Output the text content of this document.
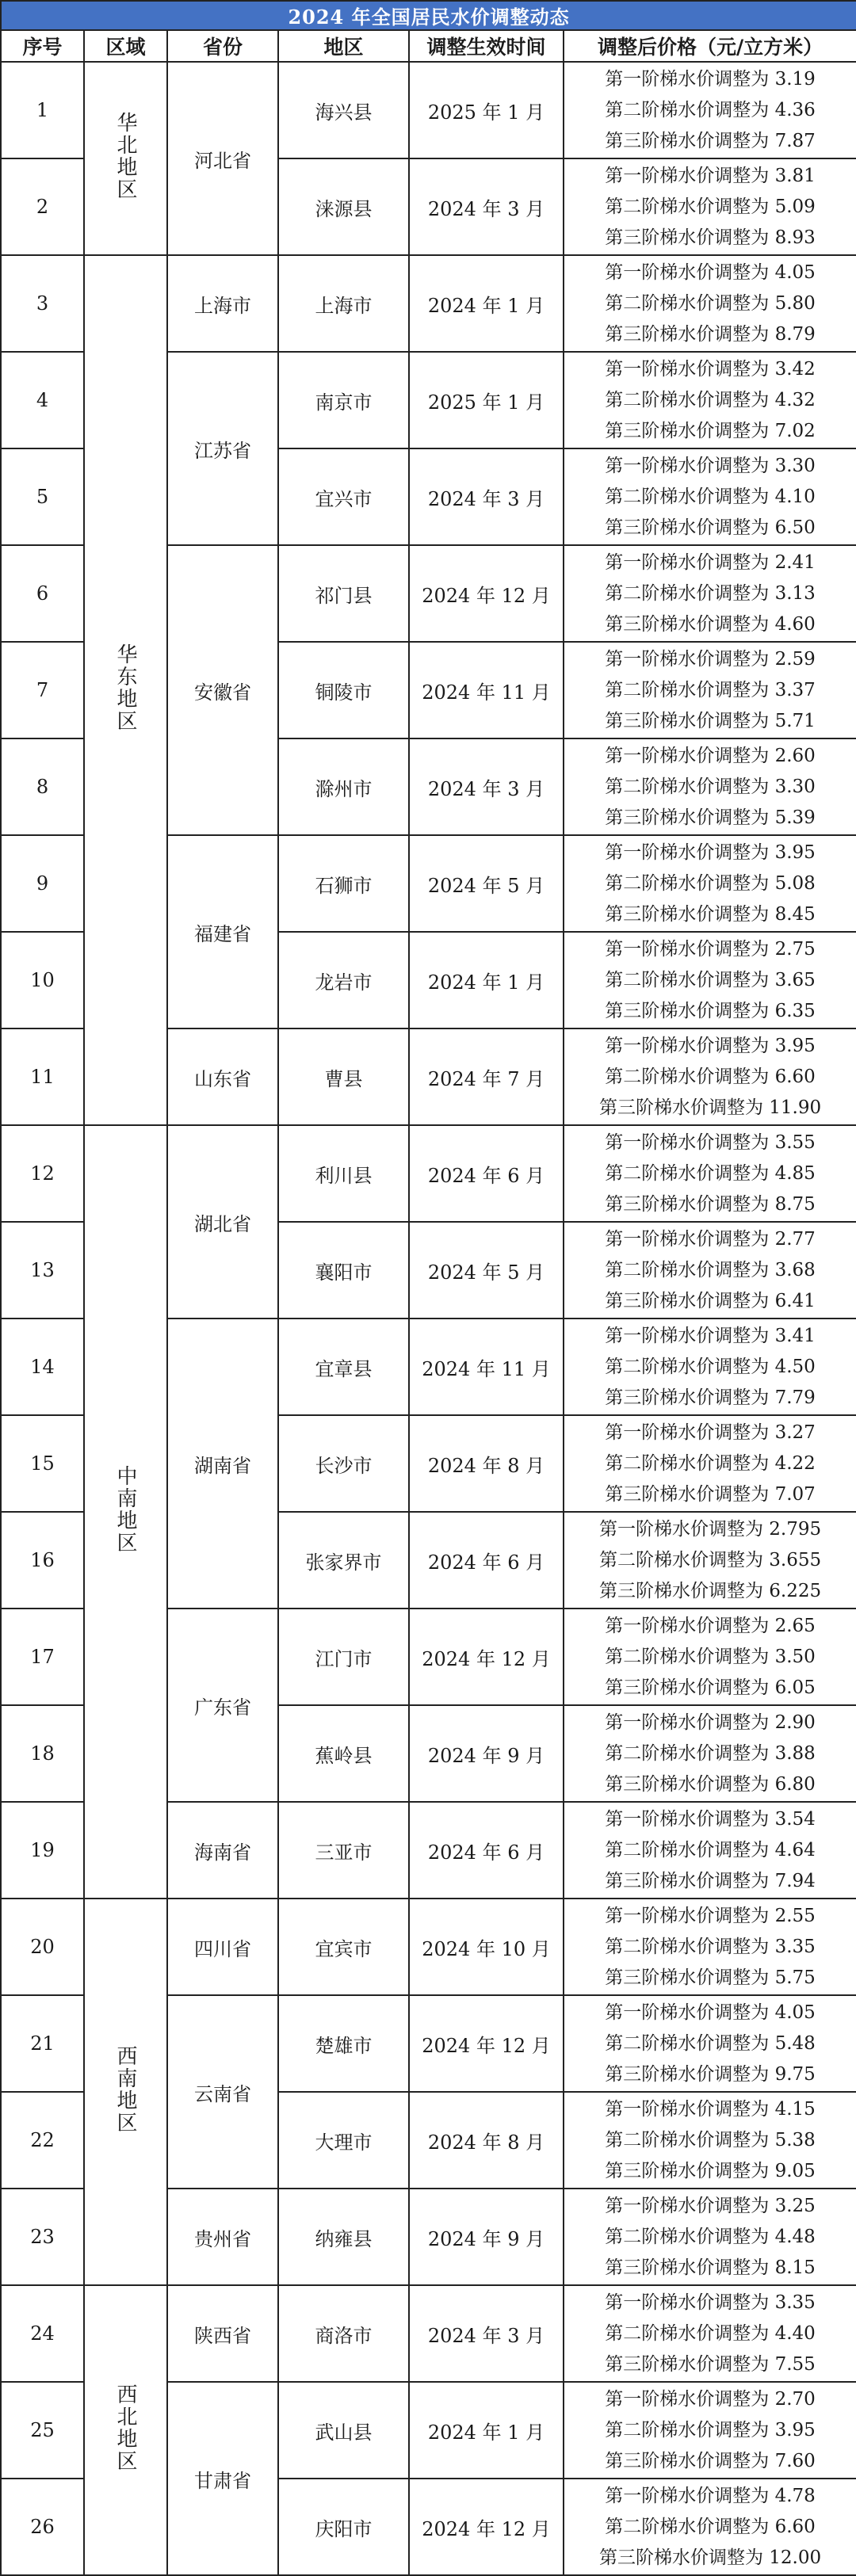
2024 年全国居民水价调整动态					
序号	区域	省份	地区	调整生效时间	调整后价格（元/立方米）
1	华北地区	河北省	海兴县	2025 年 1 月	第一阶梯水价调整为 3.19
第二阶梯水价调整为 4.36
第三阶梯水价调整为 7.87

2			涞源县	2024 年 3 月	第一阶梯水价调整为 3.81
第二阶梯水价调整为 5.09
第三阶梯水价调整为 8.93

3	华东地区	上海市	上海市	2024 年 1 月	第一阶梯水价调整为 4.05
第二阶梯水价调整为 5.80
第三阶梯水价调整为 8.79

4		江苏省	南京市	2025 年 1 月	第一阶梯水价调整为 3.42
第二阶梯水价调整为 4.32
第三阶梯水价调整为 7.02

5			宜兴市	2024 年 3 月	第一阶梯水价调整为 3.30
第二阶梯水价调整为 4.10
第三阶梯水价调整为 6.50

6		安徽省	祁门县	2024 年 12 月	第一阶梯水价调整为 2.41
第二阶梯水价调整为 3.13
第三阶梯水价调整为 4.60

7			铜陵市	2024 年 11 月	第一阶梯水价调整为 2.59
第二阶梯水价调整为 3.37
第三阶梯水价调整为 5.71

8			滁州市	2024 年 3 月	第一阶梯水价调整为 2.60
第二阶梯水价调整为 3.30
第三阶梯水价调整为 5.39

9		福建省	石狮市	2024 年 5 月	第一阶梯水价调整为 3.95
第二阶梯水价调整为 5.08
第三阶梯水价调整为 8.45

10			龙岩市	2024 年 1 月	第一阶梯水价调整为 2.75
第二阶梯水价调整为 3.65
第三阶梯水价调整为 6.35

11		山东省	曹县	2024 年 7 月	第一阶梯水价调整为 3.95
第二阶梯水价调整为 6.60
第三阶梯水价调整为 11.90

12	中南地区	湖北省	利川县	2024 年 6 月	第一阶梯水价调整为 3.55
第二阶梯水价调整为 4.85
第三阶梯水价调整为 8.75

13			襄阳市	2024 年 5 月	第一阶梯水价调整为 2.77
第二阶梯水价调整为 3.68
第三阶梯水价调整为 6.41

14		湖南省	宜章县	2024 年 11 月	第一阶梯水价调整为 3.41
第二阶梯水价调整为 4.50
第三阶梯水价调整为 7.79

15			长沙市	2024 年 8 月	第一阶梯水价调整为 3.27
第二阶梯水价调整为 4.22
第三阶梯水价调整为 7.07

16			张家界市	2024 年 6 月	第一阶梯水价调整为 2.795
第二阶梯水价调整为 3.655
第三阶梯水价调整为 6.225

17		广东省	江门市	2024 年 12 月	第一阶梯水价调整为 2.65
第二阶梯水价调整为 3.50
第三阶梯水价调整为 6.05

18			蕉岭县	2024 年 9 月	第一阶梯水价调整为 2.90
第二阶梯水价调整为 3.88
第三阶梯水价调整为 6.80

19		海南省	三亚市	2024 年 6 月	第一阶梯水价调整为 3.54
第二阶梯水价调整为 4.64
第三阶梯水价调整为 7.94

20	西南地区	四川省	宜宾市	2024 年 10 月	第一阶梯水价调整为 2.55
第二阶梯水价调整为 3.35
第三阶梯水价调整为 5.75

21		云南省	楚雄市	2024 年 12 月	第一阶梯水价调整为 4.05
第二阶梯水价调整为 5.48
第三阶梯水价调整为 9.75

22			大理市	2024 年 8 月	第一阶梯水价调整为 4.15
第二阶梯水价调整为 5.38
第三阶梯水价调整为 9.05

23		贵州省	纳雍县	2024 年 9 月	第一阶梯水价调整为 3.25
第二阶梯水价调整为 4.48
第三阶梯水价调整为 8.15

24	西北地区	陕西省	商洛市	2024 年 3 月	第一阶梯水价调整为 3.35
第二阶梯水价调整为 4.40
第三阶梯水价调整为 7.55

25		甘肃省	武山县	2024 年 1 月	第一阶梯水价调整为 2.70
第二阶梯水价调整为 3.95
第三阶梯水价调整为 7.60

26			庆阳市	2024 年 12 月	第一阶梯水价调整为 4.78
第二阶梯水价调整为 6.60
第三阶梯水价调整为 12.00
